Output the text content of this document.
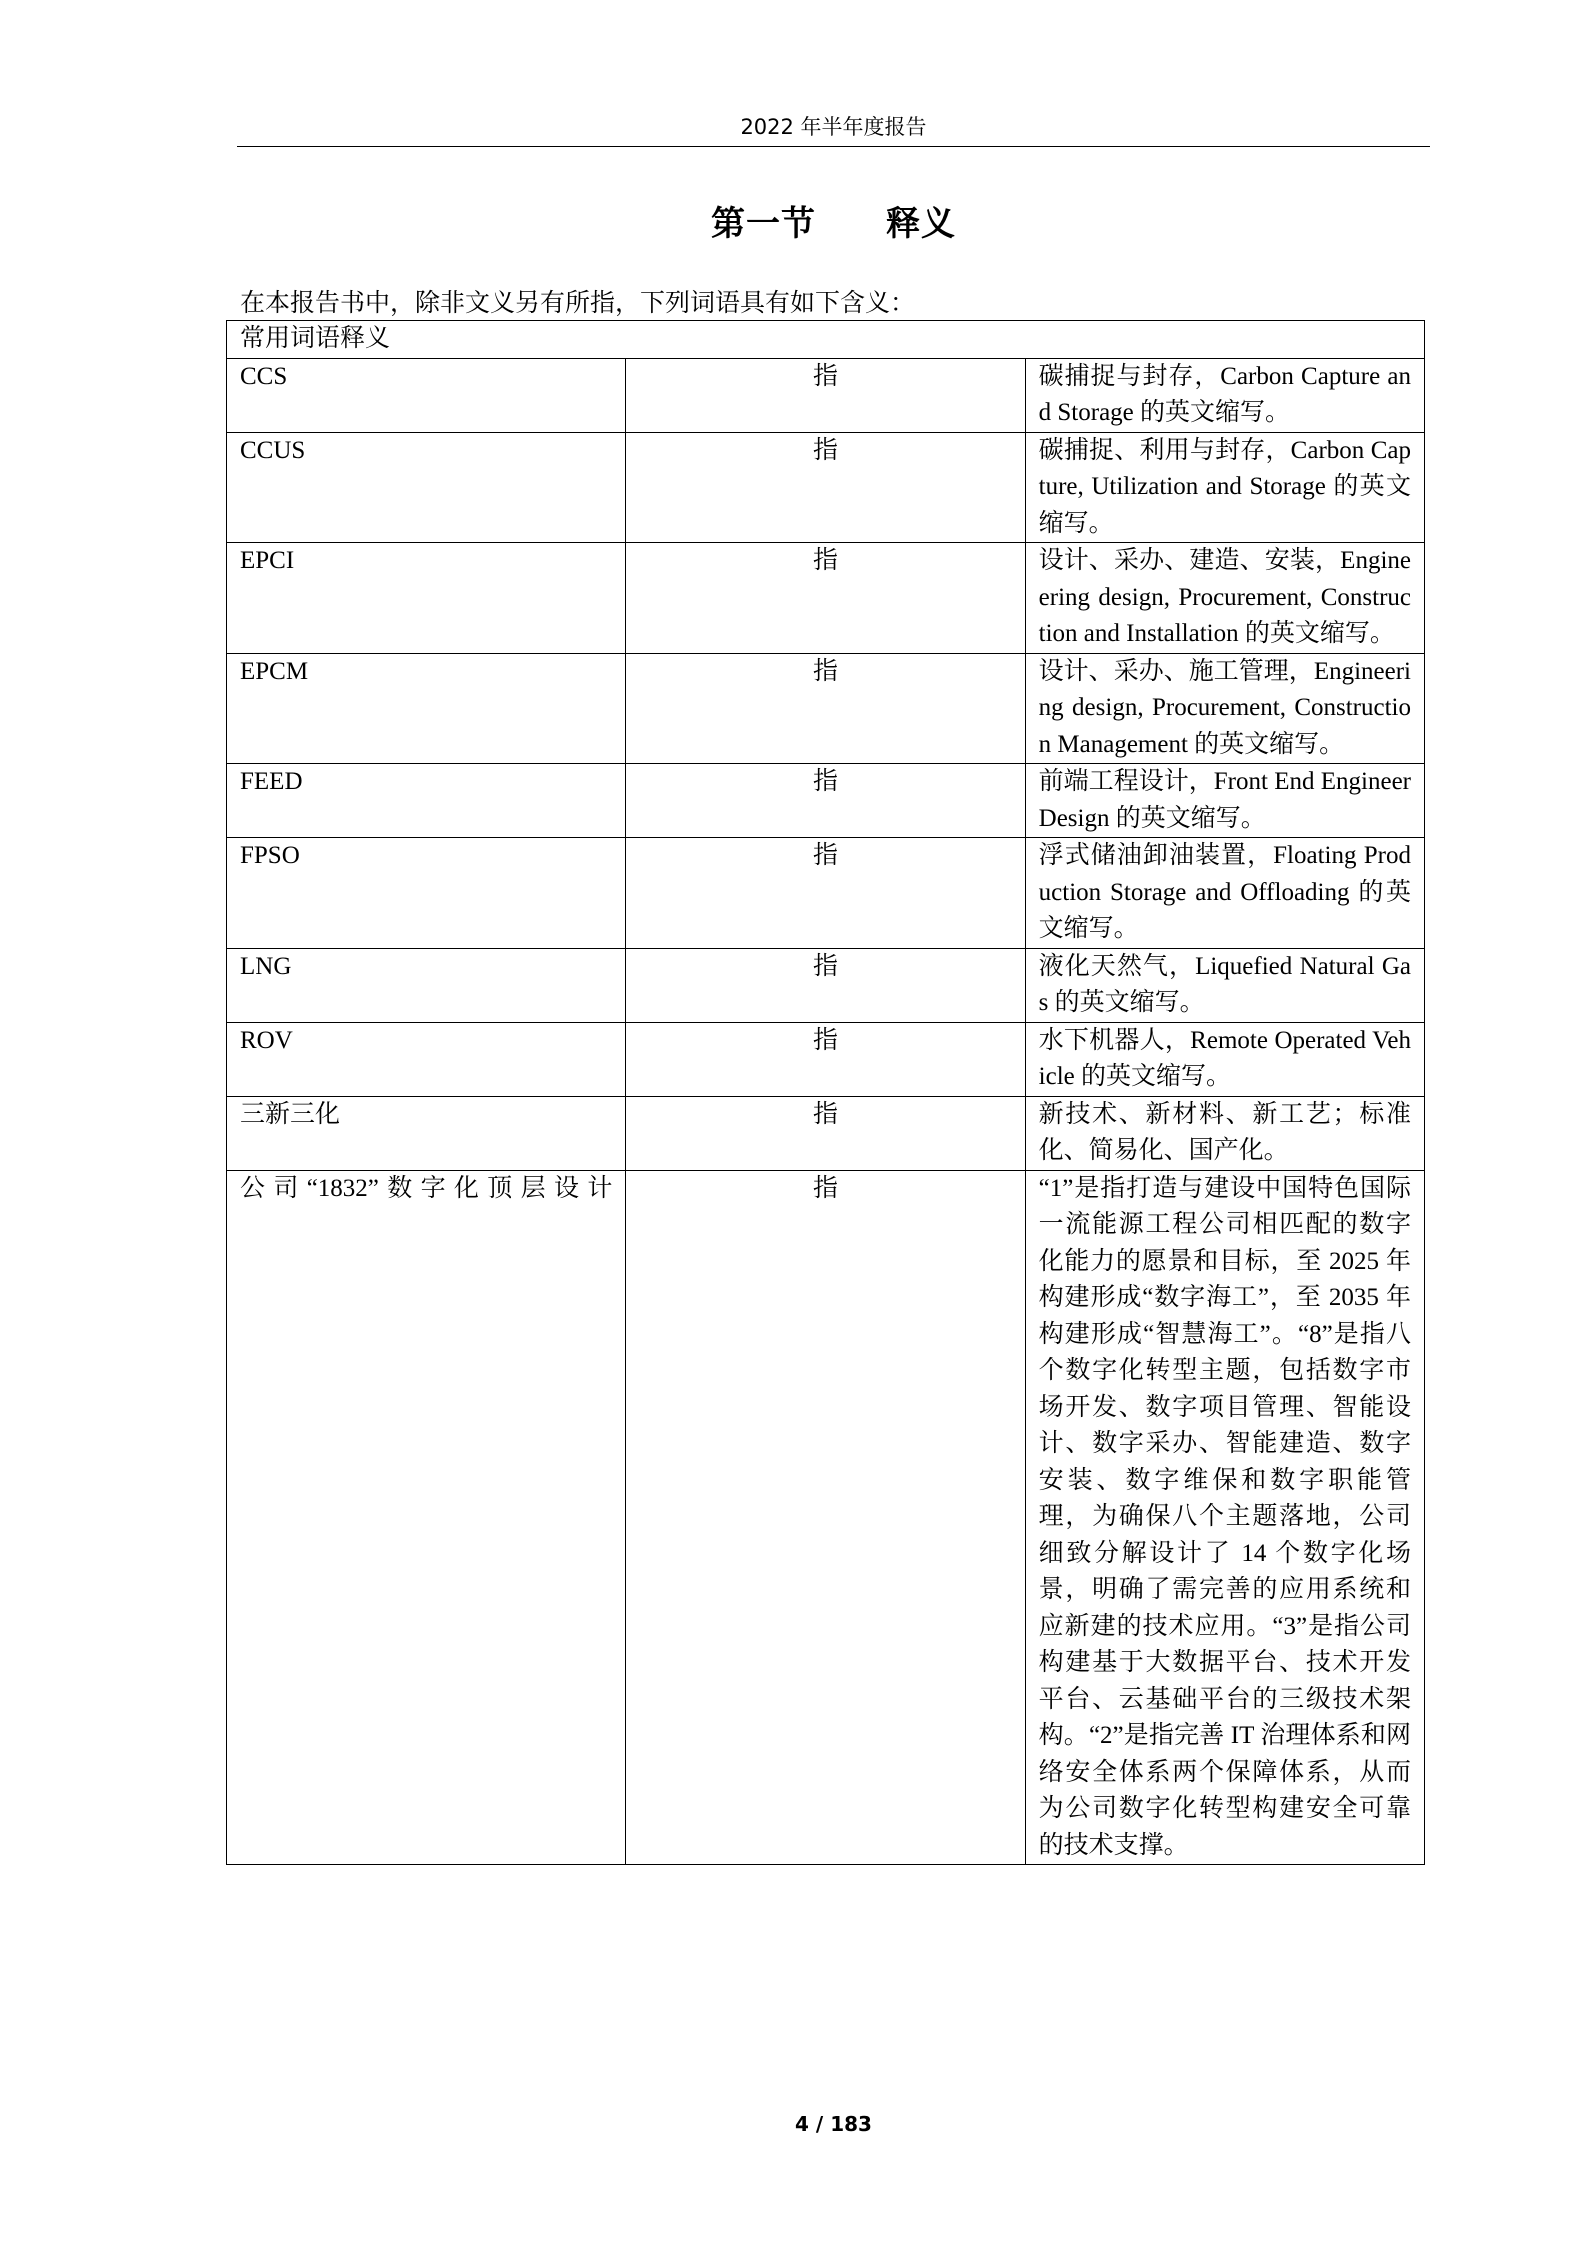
2022 年半年度报告
第一节　　释义
在本报告书中，除非文义另有所指，下列词语具有如下含义：
常用词语释义		
CCS	指	碳捕捉与封存，Carbon Capture and Storage 的英文缩写。
CCUS	指	碳捕捉、利用与封存，Carbon Capture, Utilization and Storage 的英文缩写。
EPCI	指	设计、采办、建造、安装，Engineering design, Procurement, Construction and Installation 的英文缩写。
EPCM	指	设计、采办、施工管理，Engineering design, Procurement, Construction Management 的英文缩写。
FEED	指	前端工程设计，Front End Engineer Design 的英文缩写。
FPSO	指	浮式储油卸油装置，Floating Production Storage and Offloading 的英文缩写。
LNG	指	液化天然气，Liquefied Natural Gas 的英文缩写。
ROV	指	水下机器人，Remote Operated Vehicle 的英文缩写。
三新三化	指	新技术、新材料、新工艺；标准化、简易化、国产化。
公司“1832”数字化顶层设计	指	“1”是指打造与建设中国特色国际一流能源工程公司相匹配的数字化能力的愿景和目标，至 2025 年构建形成“数字海工”，至 2035 年构建形成“智慧海工”。“8”是指八个数字化转型主题，包括数字市场开发、数字项目管理、智能设计、数字采办、智能建造、数字安装、数字维保和数字职能管理，为确保八个主题落地，公司细致分解设计了 14 个数字化场景，明确了需完善的应用系统和应新建的技术应用。“3”是指公司构建基于大数据平台、技术开发平台、云基础平台的三级技术架构。“2”是指完善 IT 治理体系和网络安全体系两个保障体系，从而为公司数字化转型构建安全可靠的技术支撑。
4 / 183
